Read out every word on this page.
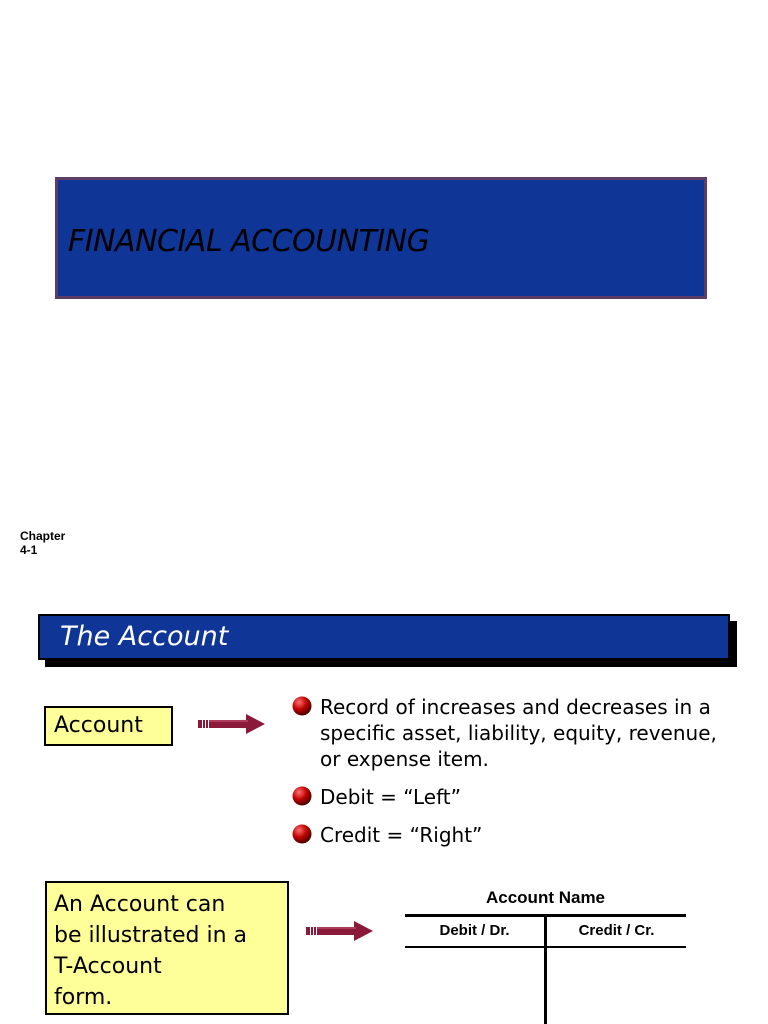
FINANCIAL ACCOUNTING
Chapter
4-1
The Account
Account
Record of increases and decreases in a specific asset, liability, equity, revenue, or expense item.
Debit = “Left”
Credit = “Right”
An Account can
be illustrated in a
T-Account
form.
Account Name
Debit / Dr.	Credit / Cr.
